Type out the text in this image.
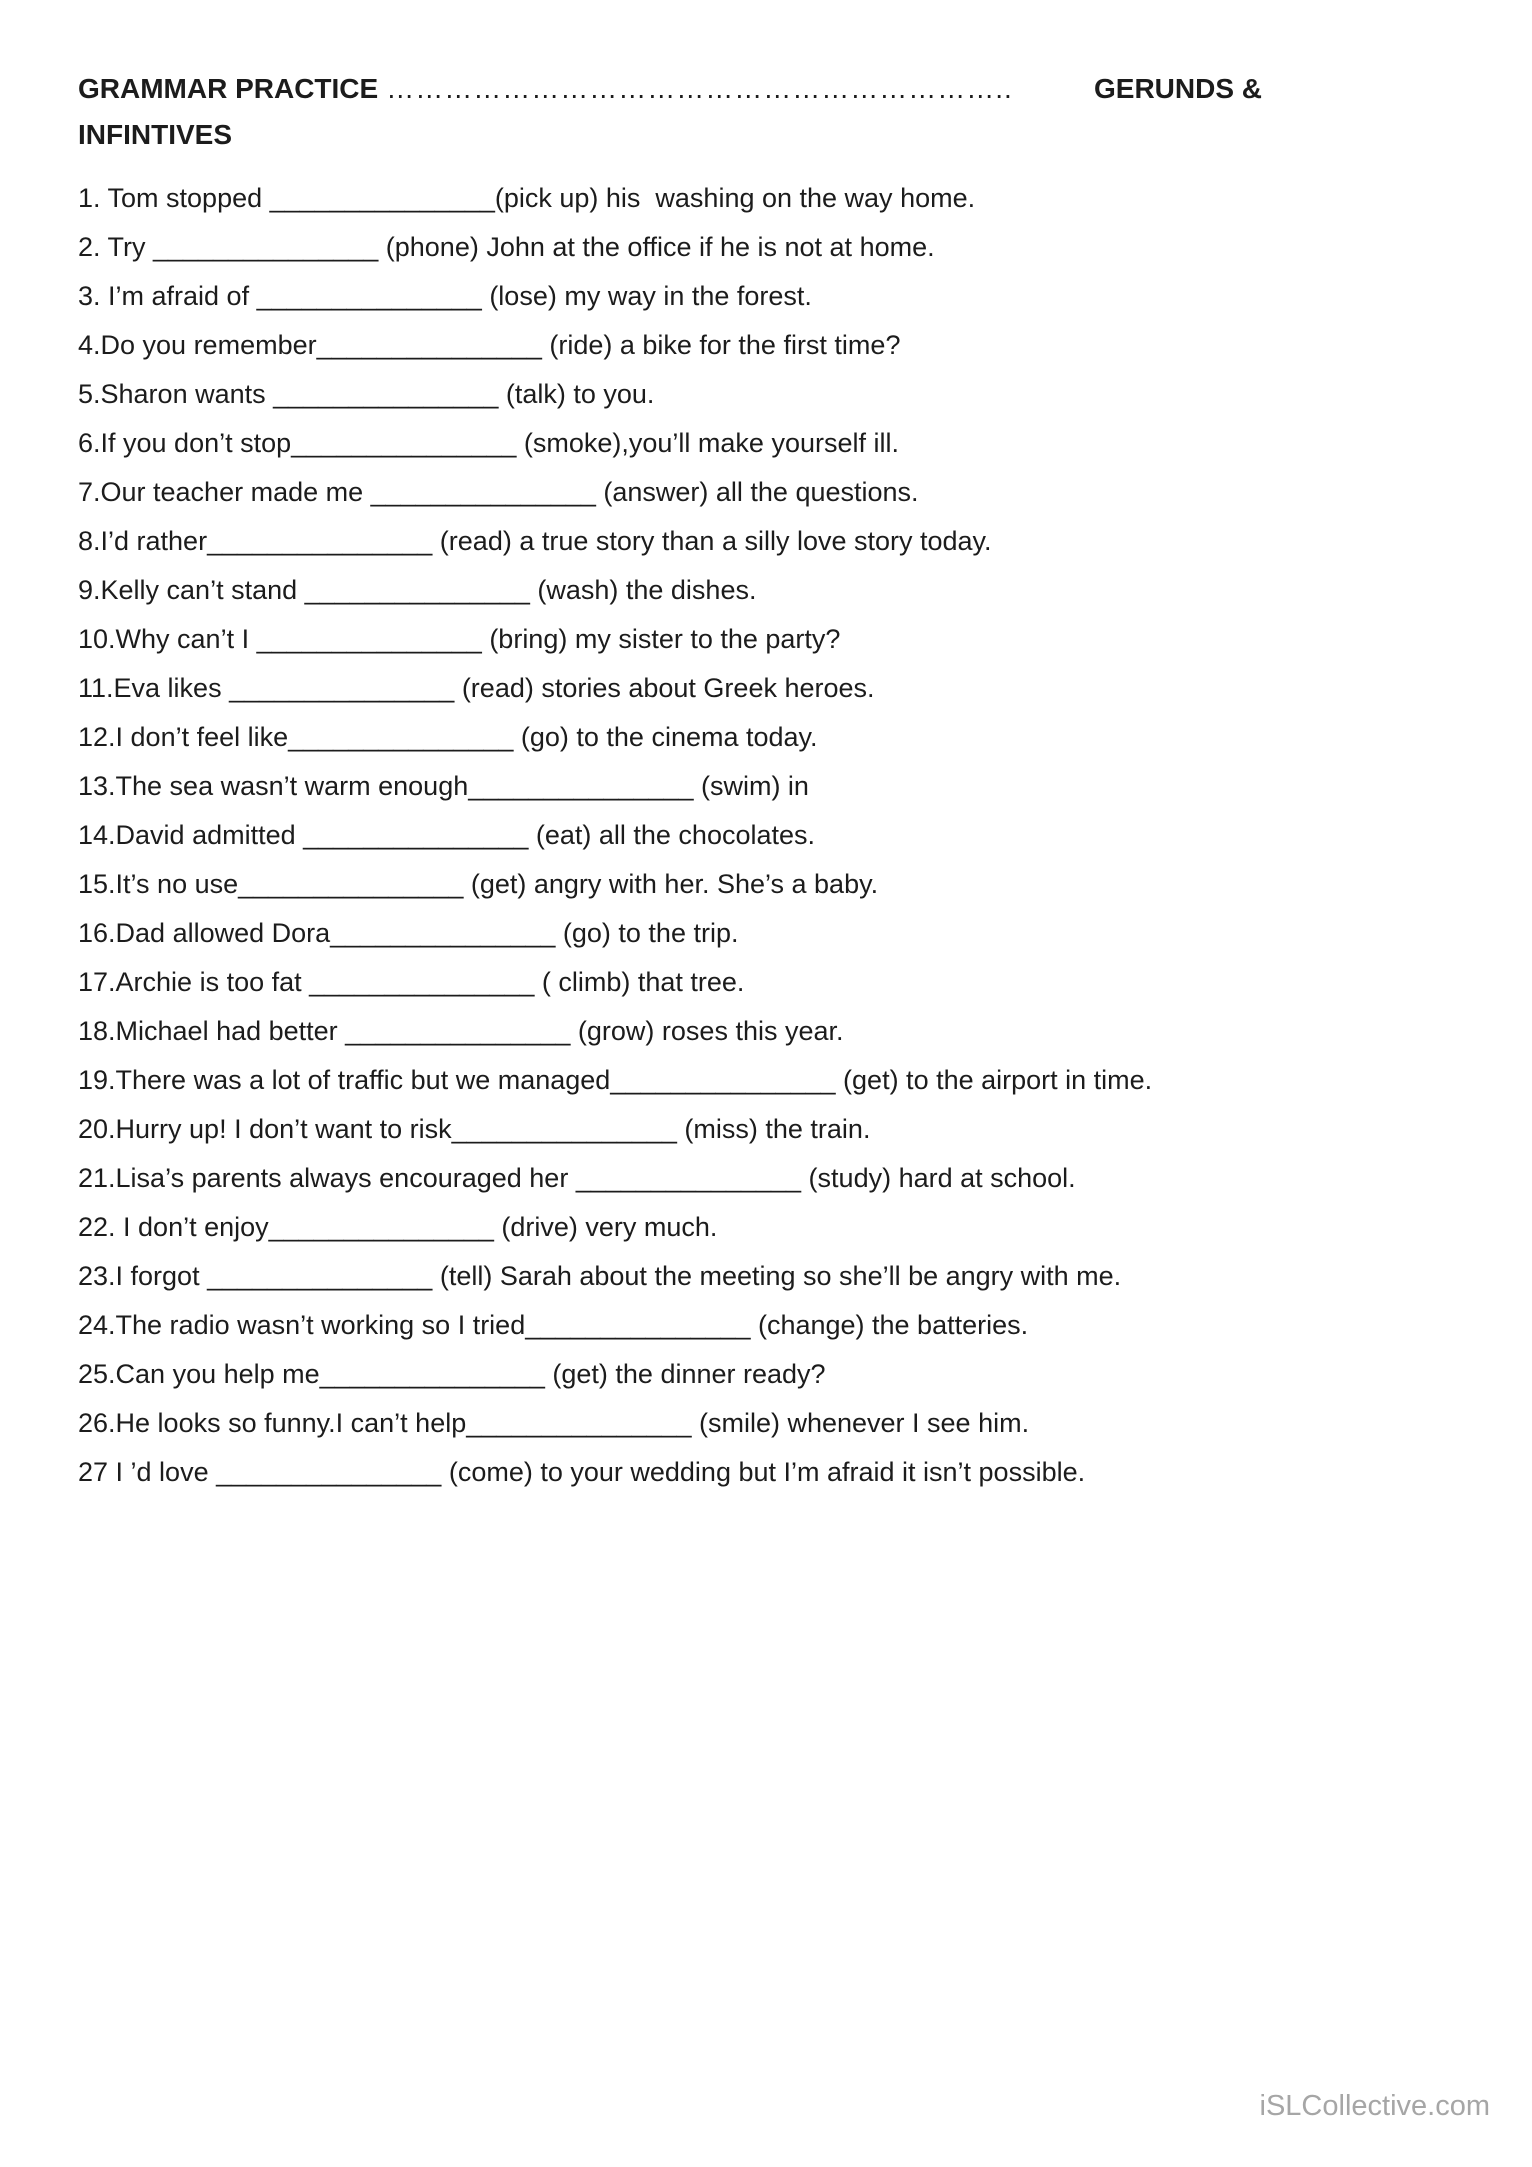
GRAMMAR PRACTICE ………………………………………………………..	GERUNDS &
INFINTIVES

1. Tom stopped _______________(pick up) his  washing on the way home.

2. Try _______________ (phone) John at the office if he is not at home.

3. I’m afraid of _______________ (lose) my way in the forest.

4.Do you remember_______________ (ride) a bike for the first time?

5.Sharon wants _______________ (talk) to you.

6.If you don’t stop_______________ (smoke),you’ll make yourself ill.

7.Our teacher made me _______________ (answer) all the questions.

8.I’d rather_______________ (read) a true story than a silly love story today.

9.Kelly can’t stand _______________ (wash) the dishes.

10.Why can’t I _______________ (bring) my sister to the party?

11.Eva likes _______________ (read) stories about Greek heroes.

12.I don’t feel like_______________ (go) to the cinema today.

13.The sea wasn’t warm enough_______________ (swim) in

14.David admitted _______________ (eat) all the chocolates.

15.It’s no use_______________ (get) angry with her. She’s a baby.

16.Dad allowed Dora_______________ (go) to the trip.

17.Archie is too fat _______________ ( climb) that tree.

18.Michael had better _______________ (grow) roses this year.

19.There was a lot of traffic but we managed_______________ (get) to the airport in time.

20.Hurry up! I don’t want to risk_______________ (miss) the train.

21.Lisa’s parents always encouraged her _______________ (study) hard at school.

22. I don’t enjoy_______________ (drive) very much.

23.I forgot _______________ (tell) Sarah about the meeting so she’ll be angry with me.

24.The radio wasn’t working so I tried_______________ (change) the batteries.

25.Can you help me_______________ (get) the dinner ready?

26.He looks so funny.I can’t help_______________ (smile) whenever I see him.

27 I ’d love _______________ (come) to your wedding but I’m afraid it isn’t possible.

iSLCollective.com
